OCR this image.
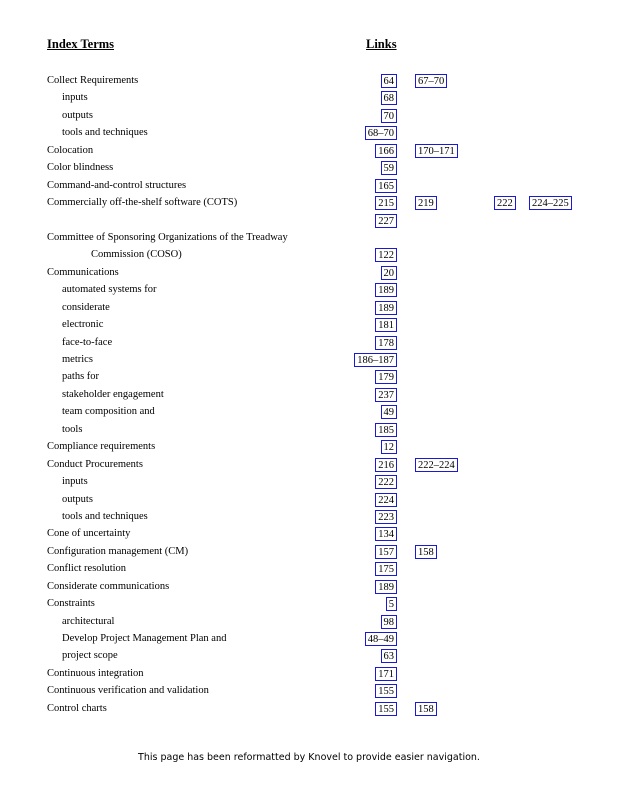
Index Terms	Links
Collect Requirements	64 67–70
inputs	68
outputs	70
tools and techniques	68–70
Colocation	166 170–171
Color blindness	59
Command-and-control structures	165
Commercially off-the-shelf software (COTS)	215 219	222 224–225
227
Committee of Sponsoring Organizations of the Treadway
Commission (COSO)	122
Communications	20
automated systems for	189
considerate	189
electronic	181
face-to-face	178
metrics	186–187
paths for	179
stakeholder engagement	237
team composition and	49
tools	185
Compliance requirements	12
Conduct Procurements	216 222–224
inputs	222
outputs	224
tools and techniques	223
Cone of uncertainty	134
Configuration management (CM)	157 158
Conflict resolution	175
Considerate communications	189
Constraints	5
architectural	98
Develop Project Management Plan and	48–49
project scope	63
Continuous integration	171
Continuous verification and validation	155
Control charts	155 158
This page has been reformatted by Knovel to provide easier navigation.
